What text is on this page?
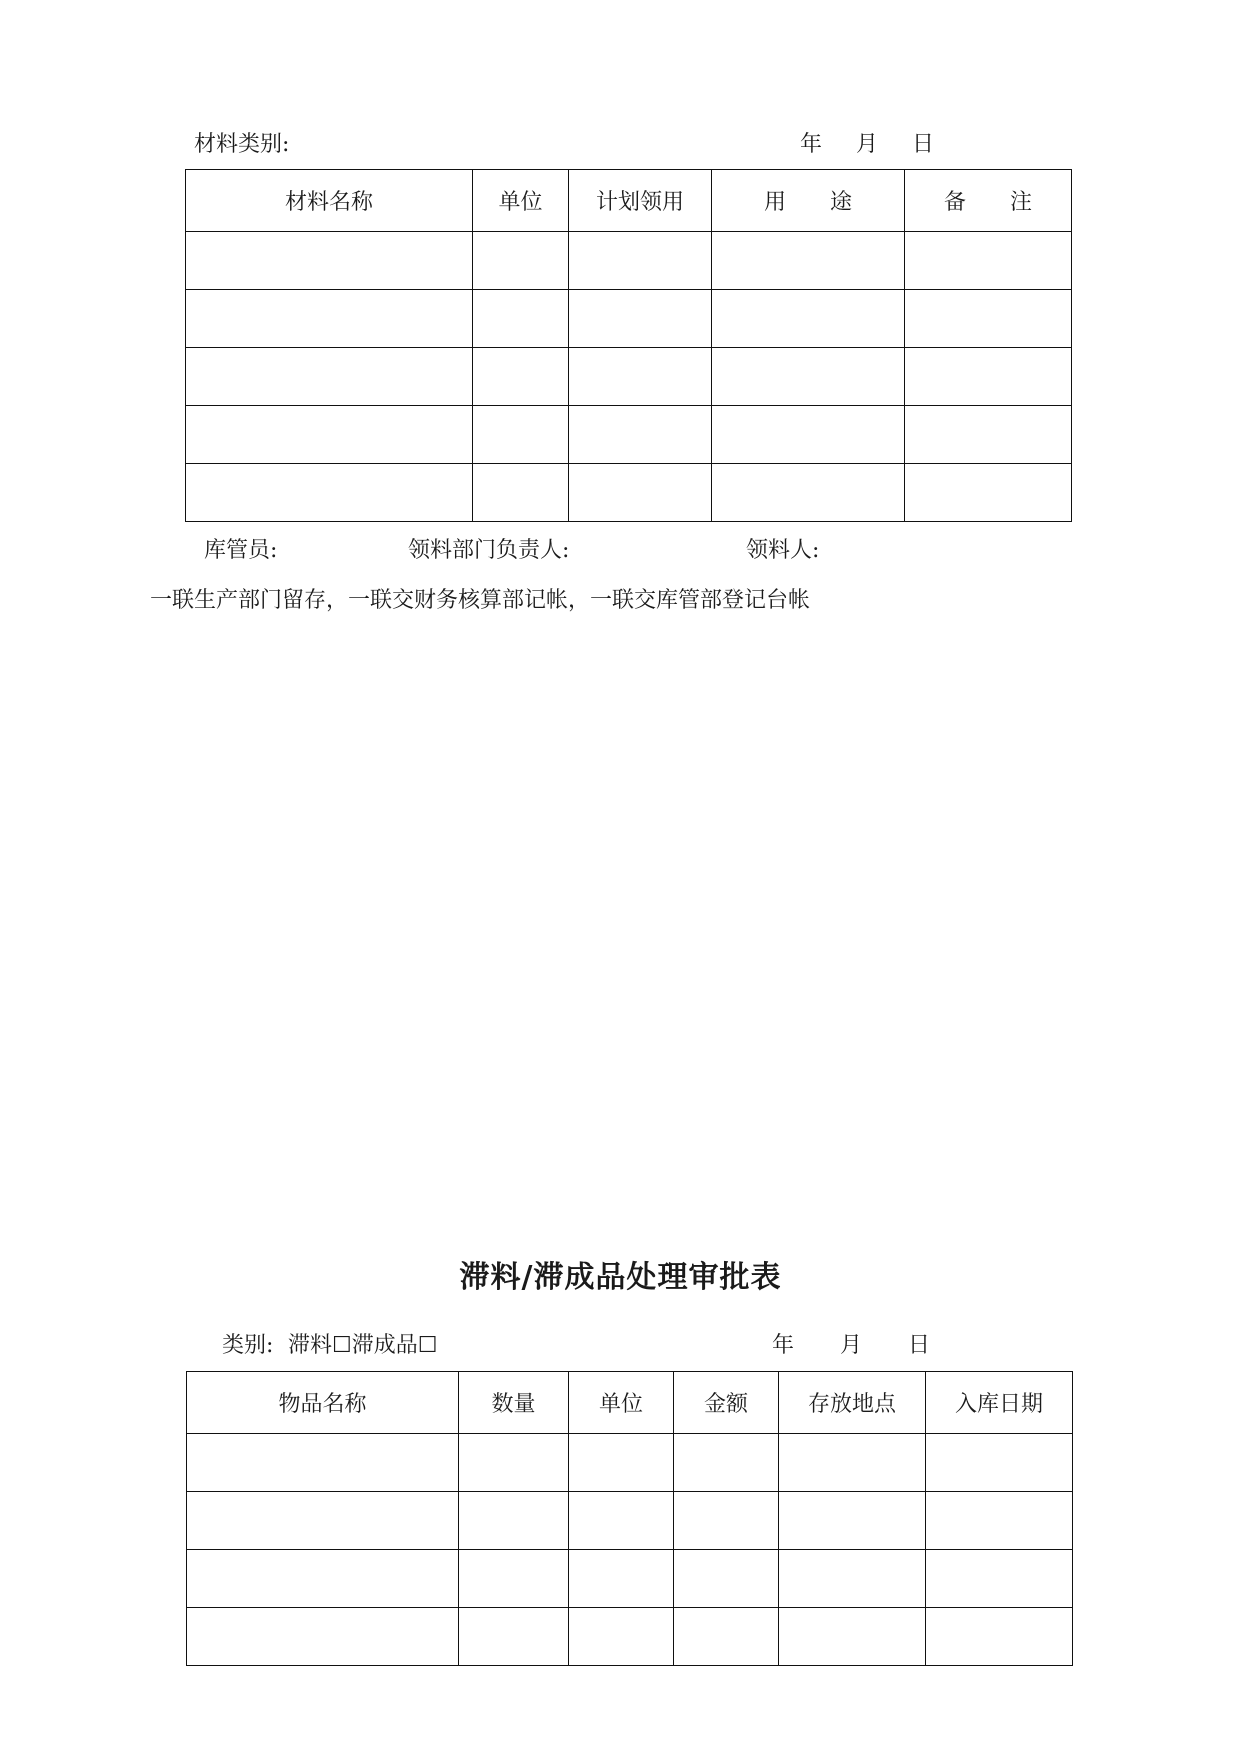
材料类别:	年 月 日
材料名称	单位	计划领用	用　　途	备　　注

库管员:	领料部门负责人:	领料人:
一联生产部门留存，一联交财务核算部记帐，一联交库管部登记台帐
滞料/滞成品处理审批表
类别: 滞料☐滞成品☐	年 月 日
物品名称	数量	单位	金额	存放地点	入库日期
